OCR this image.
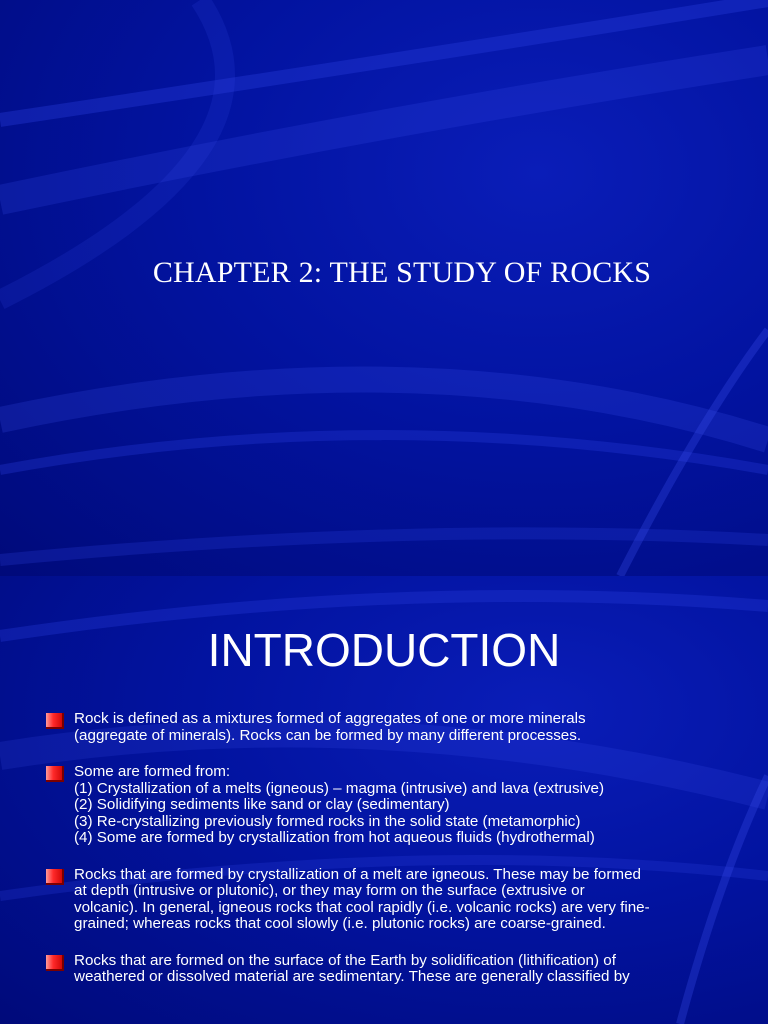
CHAPTER 2: THE STUDY OF ROCKS
INTRODUCTION
Rock is defined as a mixtures formed of aggregates of one or more minerals
(aggregate of minerals). Rocks can be formed by many different processes.
Some are formed from:
(1) Crystallization of a melts (igneous) – magma (intrusive) and lava (extrusive)
(2) Solidifying sediments like sand or clay (sedimentary)
(3) Re-crystallizing previously formed rocks in the solid state (metamorphic)
(4) Some are formed by crystallization from hot aqueous fluids (hydrothermal)
Rocks that are formed by crystallization of a melt are igneous. These may be formed
at depth (intrusive or plutonic), or they may form on the surface (extrusive or
volcanic). In general, igneous rocks that cool rapidly (i.e. volcanic rocks) are very fine-
grained; whereas rocks that cool slowly (i.e. plutonic rocks) are coarse-grained.
Rocks that are formed on the surface of the Earth by solidification (lithification) of
weathered or dissolved material are sedimentary. These are generally classified by
